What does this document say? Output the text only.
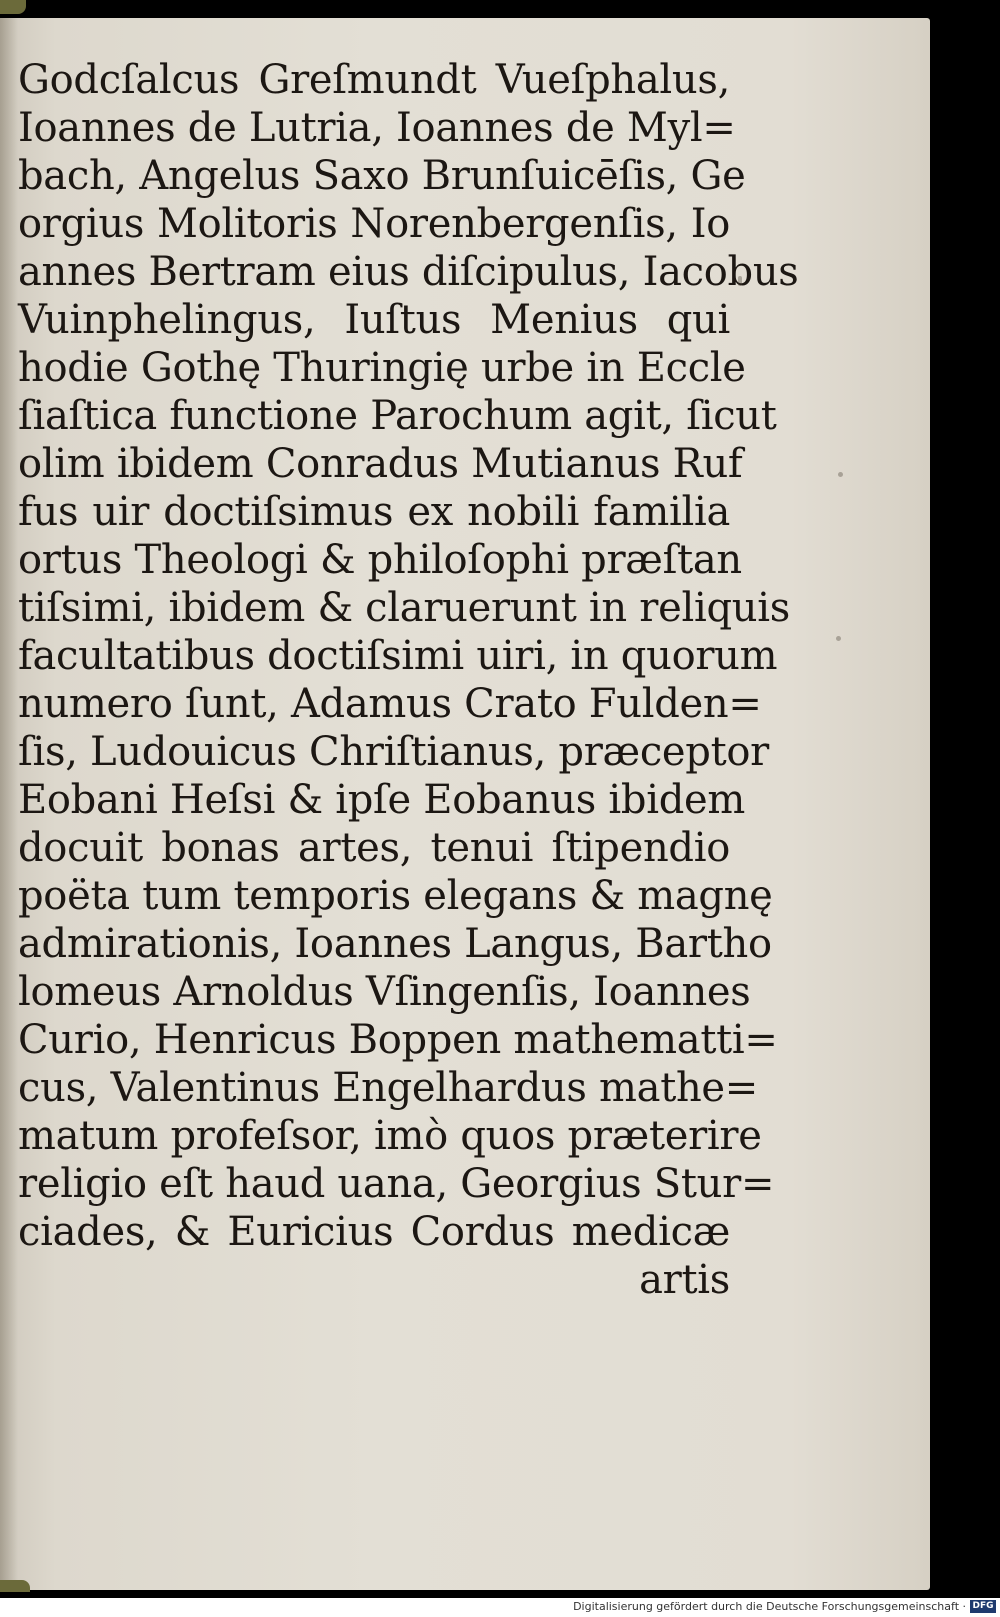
Godcſalcus Greſmundt Vueſphalus,
Ioannes de Lutria, Ioannes de Myl=
bach, Angelus Saxo Brunſuicēſis, Ge
orgius Molitoris Norenbergenſis, Io
annes Bertram eius diſcipulus, Iacobus
Vuinphelingus, Iuſtus Menius qui
hodie Gothę Thuringię urbe in Eccle
ſiaſtica functione Parochum agit, ſicut
olim ibidem Conradus Mutianus Ruf
fus uir doctiſsimus ex nobili familia
ortus Theologi & philoſophi præſtan
tiſsimi, ibidem & claruerunt in reliquis
facultatibus doctiſsimi uiri, in quorum
numero ſunt, Adamus Crato Fulden=
ſis, Ludouicus Chriſtianus, præceptor
Eobani Heſsi & ipſe Eobanus ibidem
docuit bonas artes, tenui ſtipendio
poëta tum temporis elegans & magnę
admirationis, Ioannes Langus, Bartho
lomeus Arnoldus Vſingenſis, Ioannes
Curio, Henricus Boppen mathematti=
cus, Valentinus Engelhardus mathe=
matum profeſsor, imò quos præterire
religio eſt haud uana, Georgius Stur=
ciades, & Euricius Cordus medicæ
artis
Digitalisierung gefördert durch die Deutsche Forschungsgemeinschaft · DFG
